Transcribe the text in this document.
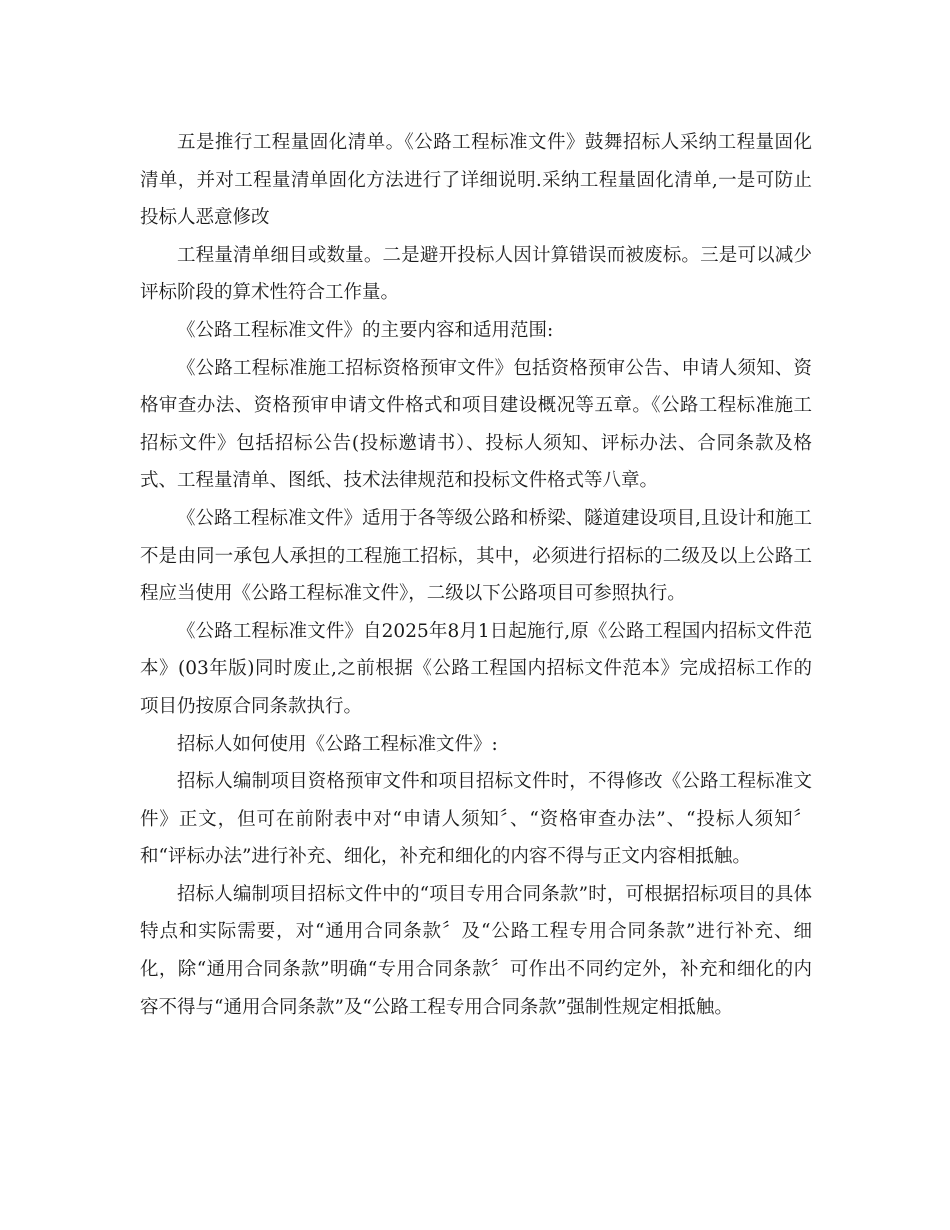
五是推行工程量固化清单。《公路工程标准文件》鼓舞招标人采纳工程量固化清单，并对工程量清单固化方法进行了详细说明.采纳工程量固化清单,一是可防止投标人恶意修改

工程量清单细目或数量。二是避开投标人因计算错误而被废标。三是可以减少评标阶段的算术性符合工作量。

《公路工程标准文件》的主要内容和适用范围:

《公路工程标准施工招标资格预审文件》包括资格预审公告、申请人须知、资格审查办法、资格预审申请文件格式和项目建设概况等五章。《公路工程标准施工招标文件》包括招标公告(投标邀请书）、投标人须知、评标办法、合同条款及格式、工程量清单、图纸、技术法律规范和投标文件格式等八章。

《公路工程标准文件》适用于各等级公路和桥梁、隧道建设项目,且设计和施工不是由同一承包人承担的工程施工招标，其中，必须进行招标的二级及以上公路工程应当使用《公路工程标准文件》，二级以下公路项目可参照执行。

《公路工程标准文件》自2025年8月1日起施行,原《公路工程国内招标文件范本》(03年版)同时废止,之前根据《公路工程国内招标文件范本》完成招标工作的项目仍按原合同条款执行。

招标人如何使用《公路工程标准文件》:

招标人编制项目资格预审文件和项目招标文件时，不得修改《公路工程标准文件》正文，但可在前附表中对“申请人须知〞、“资格审查办法”、“投标人须知〞和“评标办法”进行补充、细化，补充和细化的内容不得与正文内容相抵触。

招标人编制项目招标文件中的“项目专用合同条款”时，可根据招标项目的具体特点和实际需要，对“通用合同条款〞及“公路工程专用合同条款”进行补充、细化，除“通用合同条款”明确“专用合同条款〞可作出不同约定外，补充和细化的内容不得与“通用合同条款”及“公路工程专用合同条款”强制性规定相抵触。
